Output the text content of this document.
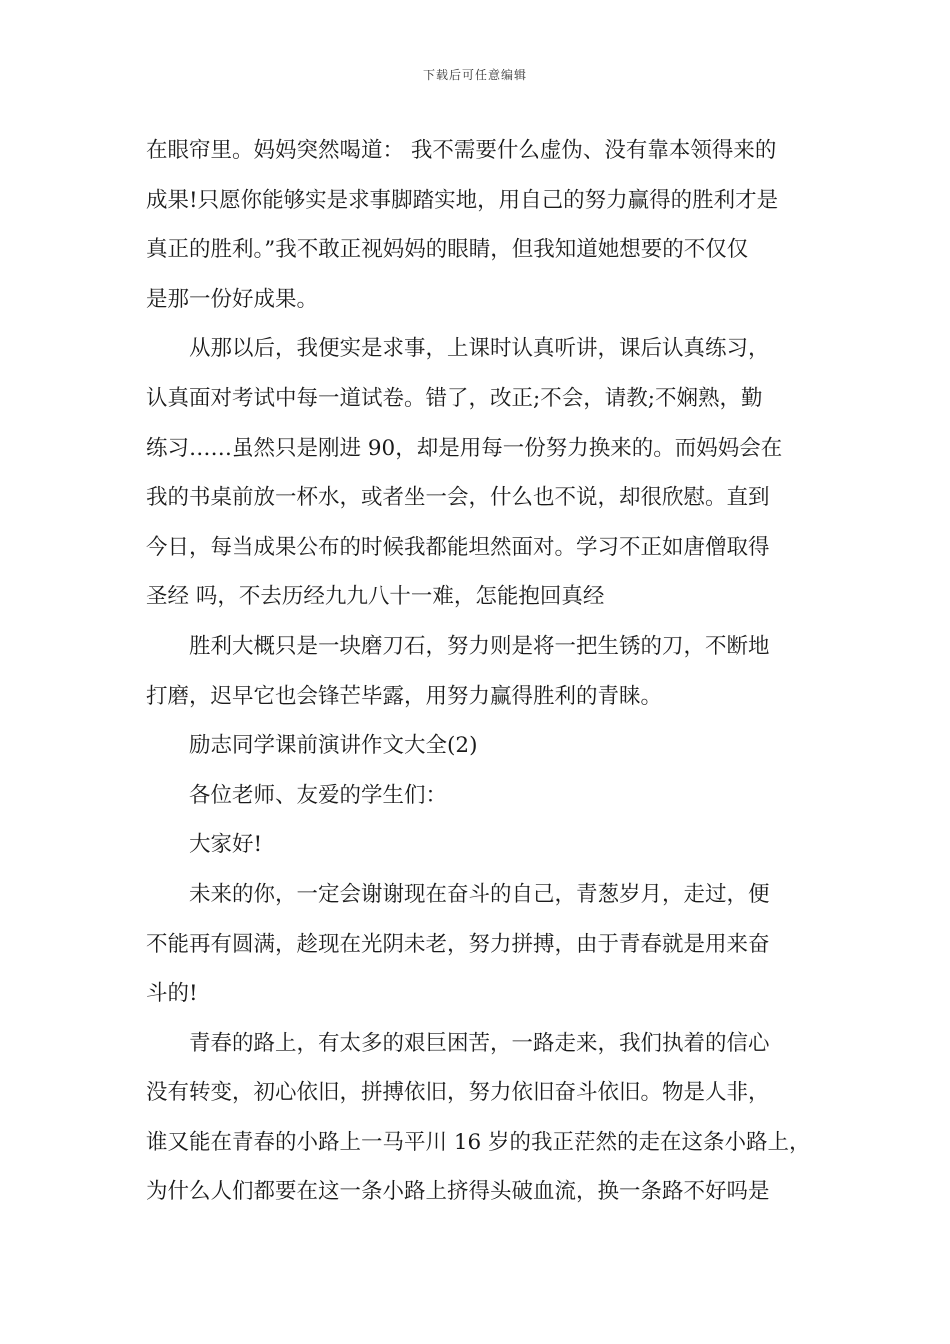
下载后可任意编辑
在眼帘里。妈妈突然喝道： 我不需要什么虚伪、没有靠本领得来的
成果!只愿你能够实是求事脚踏实地，用自己的努力赢得的胜利才是
真正的胜利。”我不敢正视妈妈的眼睛，但我知道她想要的不仅仅
是那一份好成果。
从那以后，我便实是求事，上课时认真听讲，课后认真练习，
认真面对考试中每一道试卷。错了，改正;不会，请教;不娴熟，勤
练习……虽然只是刚进 90，却是用每一份努力换来的。而妈妈会在
我的书桌前放一杯水，或者坐一会，什么也不说，却很欣慰。直到
今日，每当成果公布的时候我都能坦然面对。学习不正如唐僧取得
圣经 吗，不去历经九九八十一难，怎能抱回真经
胜利大概只是一块磨刀石，努力则是将一把生锈的刀，不断地
打磨，迟早它也会锋芒毕露，用努力赢得胜利的青睐。
励志同学课前演讲作文大全(2)
各位老师、友爱的学生们：
大家好!
未来的你，一定会谢谢现在奋斗的自己，青葱岁月，走过，便
不能再有圆满，趁现在光阴未老，努力拼搏，由于青春就是用来奋
斗的!
青春的路上，有太多的艰巨困苦，一路走来，我们执着的信心
没有转变，初心依旧，拼搏依旧，努力依旧奋斗依旧。物是人非，
谁又能在青春的小路上一马平川 16 岁的我正茫然的走在这条小路上，
为什么人们都要在这一条小路上挤得头破血流，换一条路不好吗是
